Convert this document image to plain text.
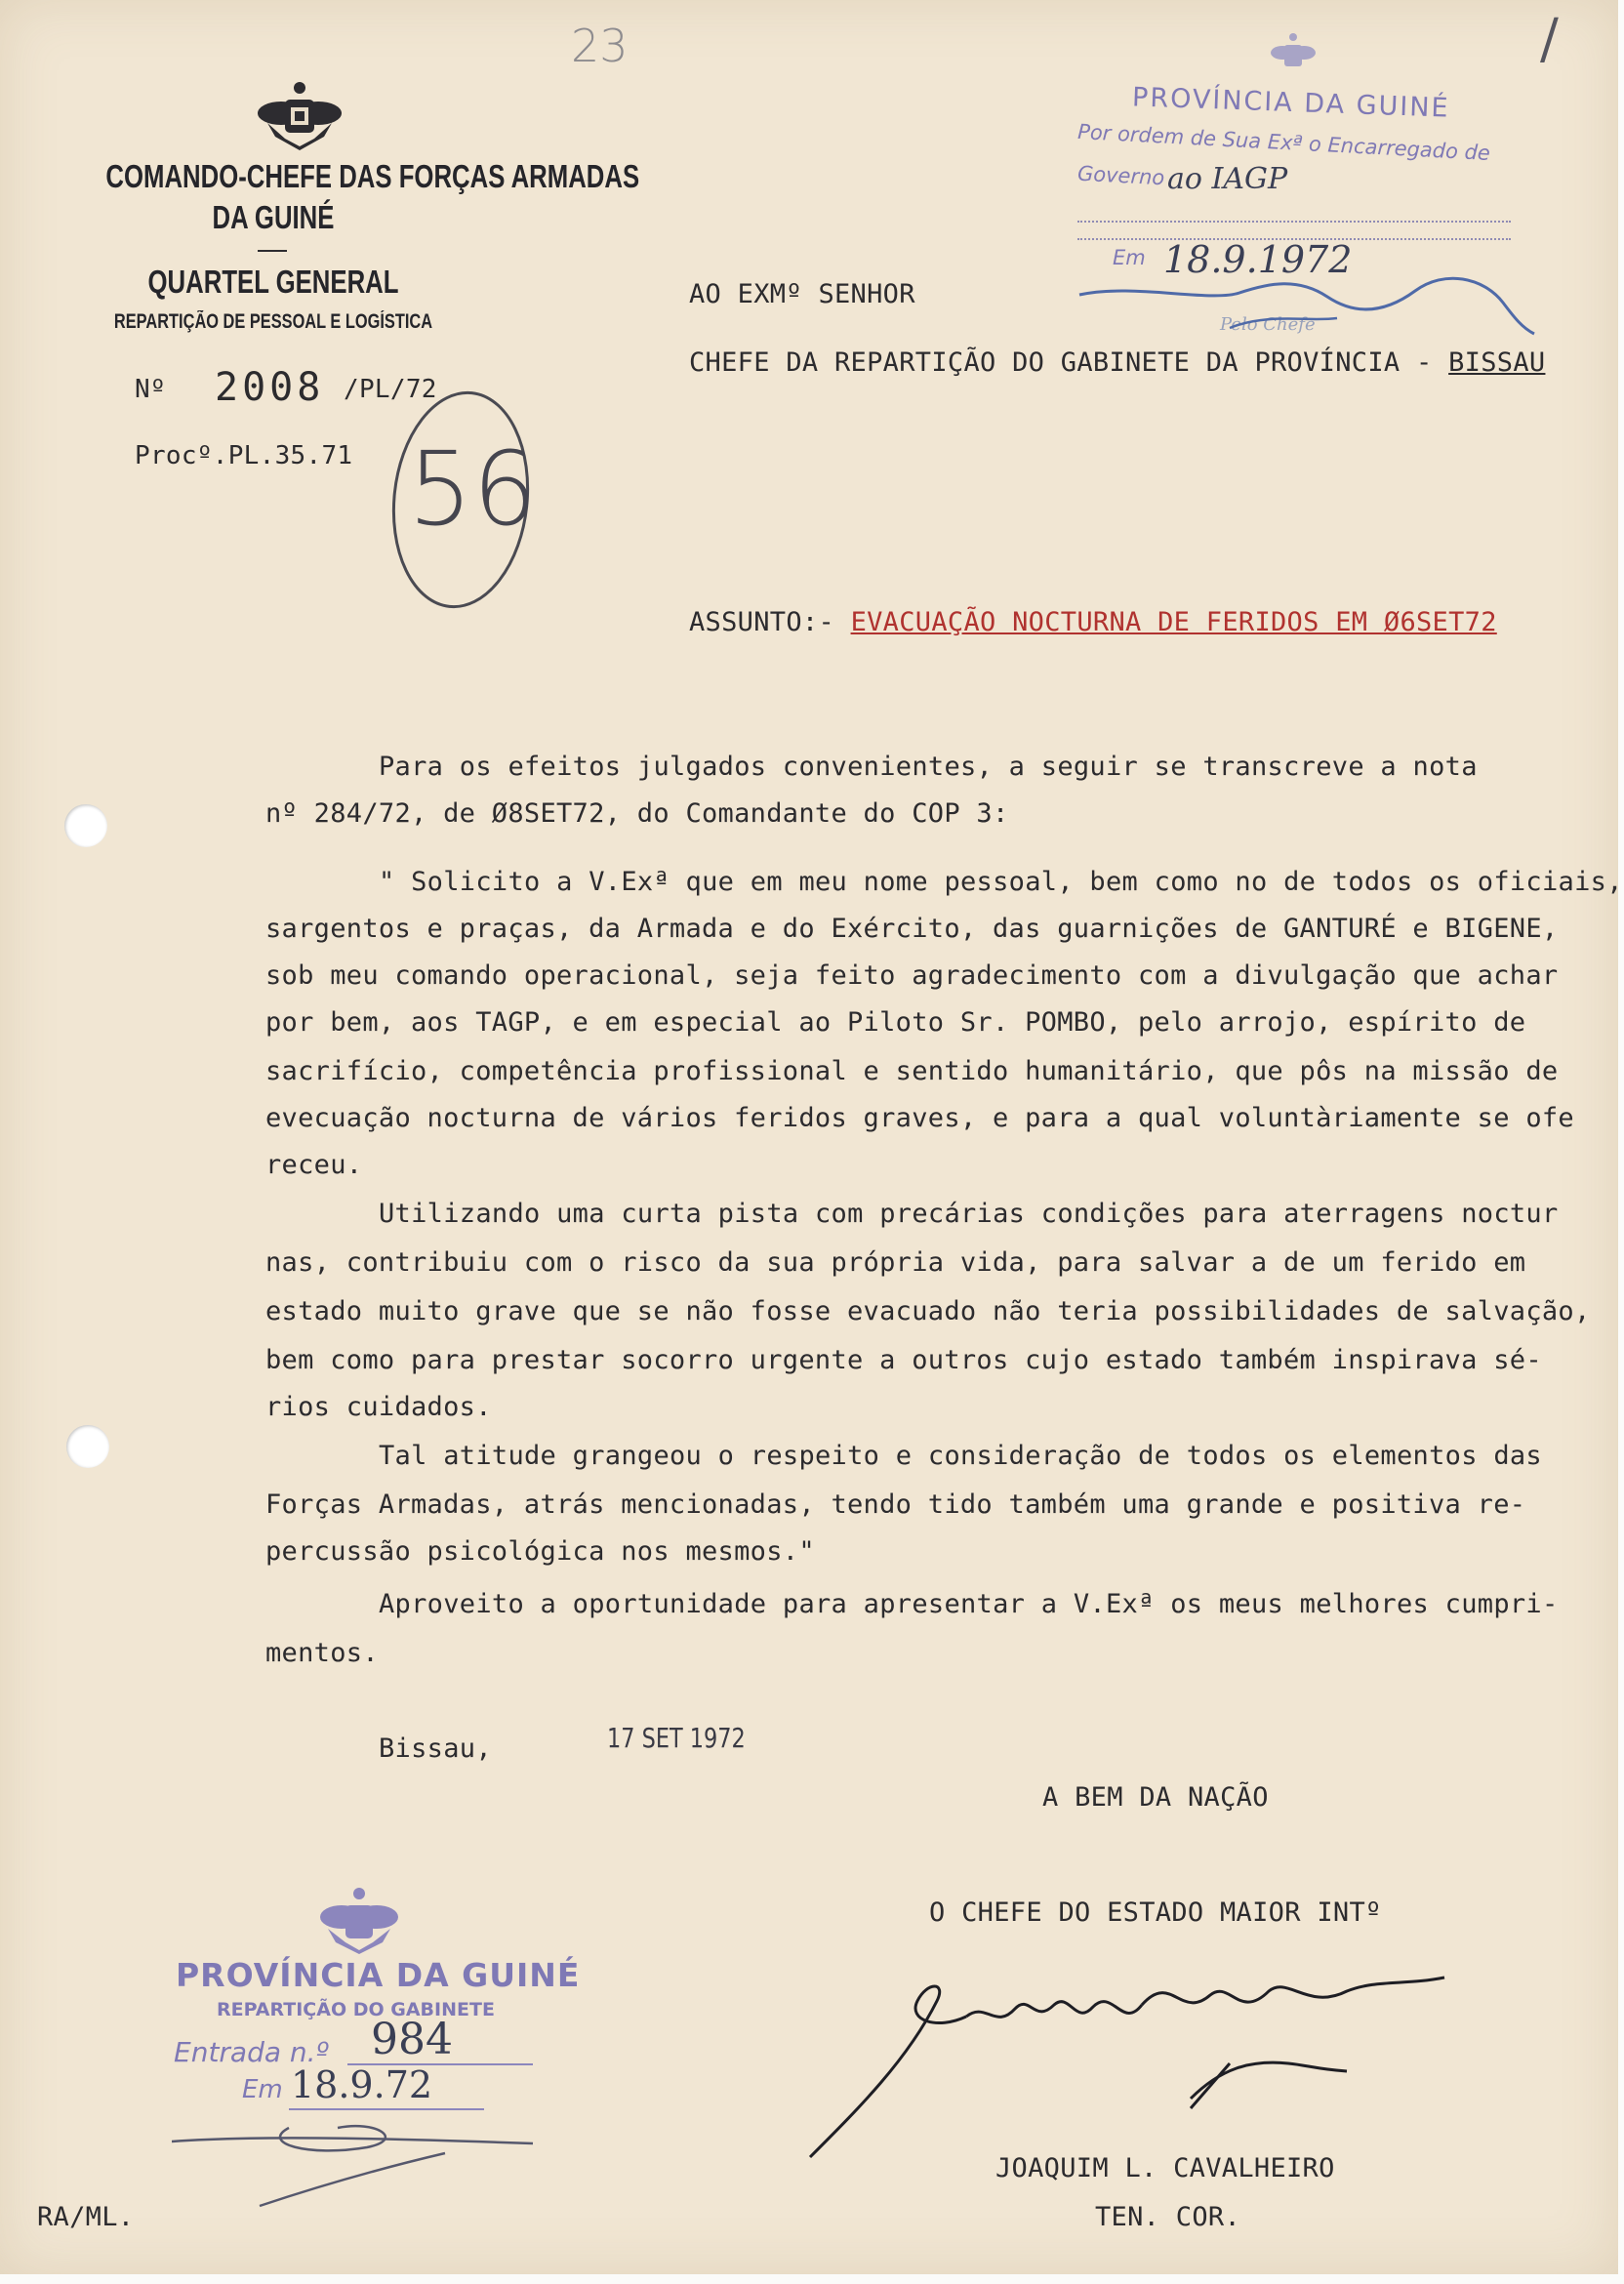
23	/
COMANDO-CHEFE DAS FORÇAS ARMADAS
DA GUINÉ
QUARTEL GENERAL
REPARTIÇÃO DE PESSOAL E LOGÍSTICA
Nº 2008 /PL/72
Procº.PL.35.71 56
PROVÍNCIA DA GUINÉ
Por ordem de Sua Exª o Encarregado de
Governo ao IAGP
Em 18.9.1972
Pelo Chefe
AO EXMº SENHOR
CHEFE DA REPARTIÇÃO DO GABINETE DA PROVÍNCIA - BISSAU
ASSUNTO:- EVACUAÇÃO NOCTURNA DE FERIDOS EM Ø6SET72
Para os efeitos julgados convenientes, a seguir se transcreve a nota
nº 284/72, de Ø8SET72, do Comandante do COP 3:
" Solicito a V.Exª que em meu nome pessoal, bem como no de todos os oficiais,
sargentos e praças, da Armada e do Exército, das guarnições de GANTURÉ e BIGENE,
sob meu comando operacional, seja feito agradecimento com a divulgação que achar
por bem, aos TAGP, e em especial ao Piloto Sr. POMBO, pelo arrojo, espírito de
sacrifício, competência profissional e sentido humanitário, que pôs na missão de
evecuação nocturna de vários feridos graves, e para a qual voluntàriamente se ofe
receu.
Utilizando uma curta pista com precárias condições para aterragens noctur
nas, contribuiu com o risco da sua própria vida, para salvar a de um ferido em
estado muito grave que se não fosse evacuado não teria possibilidades de salvação,
bem como para prestar socorro urgente a outros cujo estado também inspirava sé-
rios cuidados.
Tal atitude grangeou o respeito e consideração de todos os elementos das
Forças Armadas, atrás mencionadas, tendo tido também uma grande e positiva re-
percussão psicológica nos mesmos."
Aproveito a oportunidade para apresentar a V.Exª os meus melhores cumpri-
mentos.
Bissau,	17 SET 1972
A BEM DA NAÇÃO
O CHEFE DO ESTADO MAIOR INTº
JOAQUIM L. CAVALHEIRO
TEN. COR.
PROVÍNCIA DA GUINÉ
REPARTIÇÃO DO GABINETE
Entrada n.º 984
Em 18.9.72
RA/ML.
